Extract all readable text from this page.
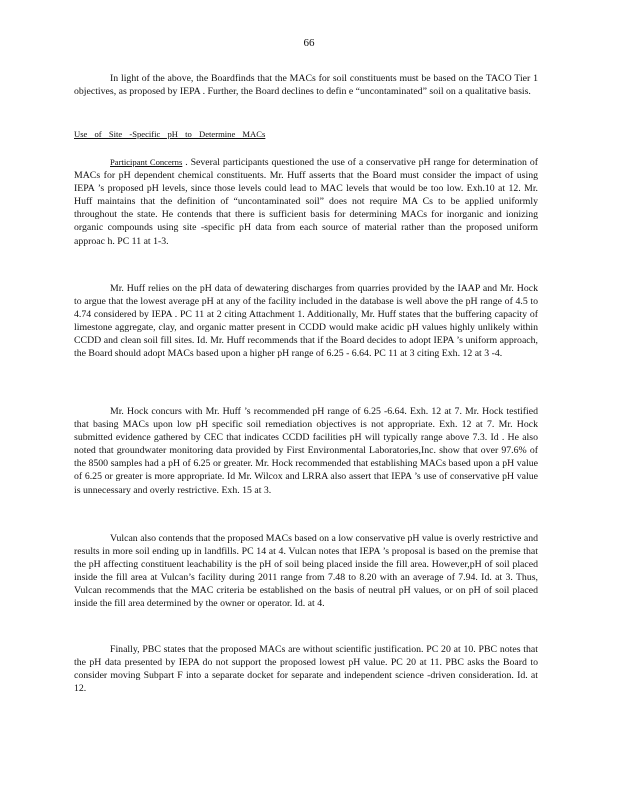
66

In light of the above, the Boardfinds that the MACs for soil constituents must be based on the TACO Tier 1 objectives, as proposed by IEPA . Further, the Board declines to defin e “uncontaminated” soil on a qualitative basis.

Use of Site -Specific pH to Determine MACs

Participant Concerns . Several participants questioned the use of a conservative pH range for determination of MACs for pH dependent chemical constituents. Mr. Huff asserts that the Board must consider the impact of using IEPA ’s proposed pH levels, since those levels could lead to MAC levels that would be too low. Exh.10 at 12. Mr. Huff maintains that the definition of “uncontaminated soil” does not require MA Cs to be applied uniformly throughout the state. He contends that there is sufficient basis for determining MACs for inorganic and ionizing organic compounds using site -specific pH data from each source of material rather than the proposed uniform approac h. PC 11 at 1-3.

Mr. Huff relies on the pH data of dewatering discharges from quarries provided by the IAAP and Mr. Hock to argue that the lowest average pH at any of the facility included in the database is well above the pH range of 4.5 to 4.74 considered by IEPA . PC 11 at 2 citing Attachment 1. Additionally, Mr. Huff states that the buffering capacity of limestone aggregate, clay, and organic matter present in CCDD would make acidic pH values highly unlikely within CCDD and clean soil fill sites. Id. Mr. Huff recommends that if the Board decides to adopt IEPA ’s uniform approach, the Board should adopt MACs based upon a higher pH range of 6.25 - 6.64. PC 11 at 3 citing Exh. 12 at 3 -4.

Mr. Hock concurs with Mr. Huff ’s recommended pH range of 6.25 -6.64. Exh. 12 at 7. Mr. Hock testified that basing MACs upon low pH specific soil remediation objectives is not appropriate. Exh. 12 at 7. Mr. Hock submitted evidence gathered by CEC that indicates CCDD facilities pH will typically range above 7.3. Id . He also noted that groundwater monitoring data provided by First Environmental Laboratories,Inc. show that over 97.6% of the 8500 samples had a pH of 6.25 or greater. Mr. Hock recommended that establishing MACs based upon a pH value of 6.25 or greater is more appropriate. Id Mr. Wilcox and LRRA also assert that IEPA ’s use of conservative pH value is unnecessary and overly restrictive. Exh. 15 at 3.

Vulcan also contends that the proposed MACs based on a low conservative pH value is overly restrictive and results in more soil ending up in landfills. PC 14 at 4. Vulcan notes that IEPA ’s proposal is based on the premise that the pH affecting constituent leachability is the pH of soil being placed inside the fill area. However,pH of soil placed inside the fill area at Vulcan’s facility during 2011 range from 7.48 to 8.20 with an average of 7.94. Id. at 3. Thus, Vulcan recommends that the MAC criteria be established on the basis of neutral pH values, or on pH of soil placed inside the fill area determined by the owner or operator. Id. at 4.

Finally, PBC states that the proposed MACs are without scientific justification. PC 20 at 10. PBC notes that the pH data presented by IEPA do not support the proposed lowest pH value. PC 20 at 11. PBC asks the Board to consider moving Subpart F into a separate docket for separate and independent science -driven consideration. Id. at 12.
